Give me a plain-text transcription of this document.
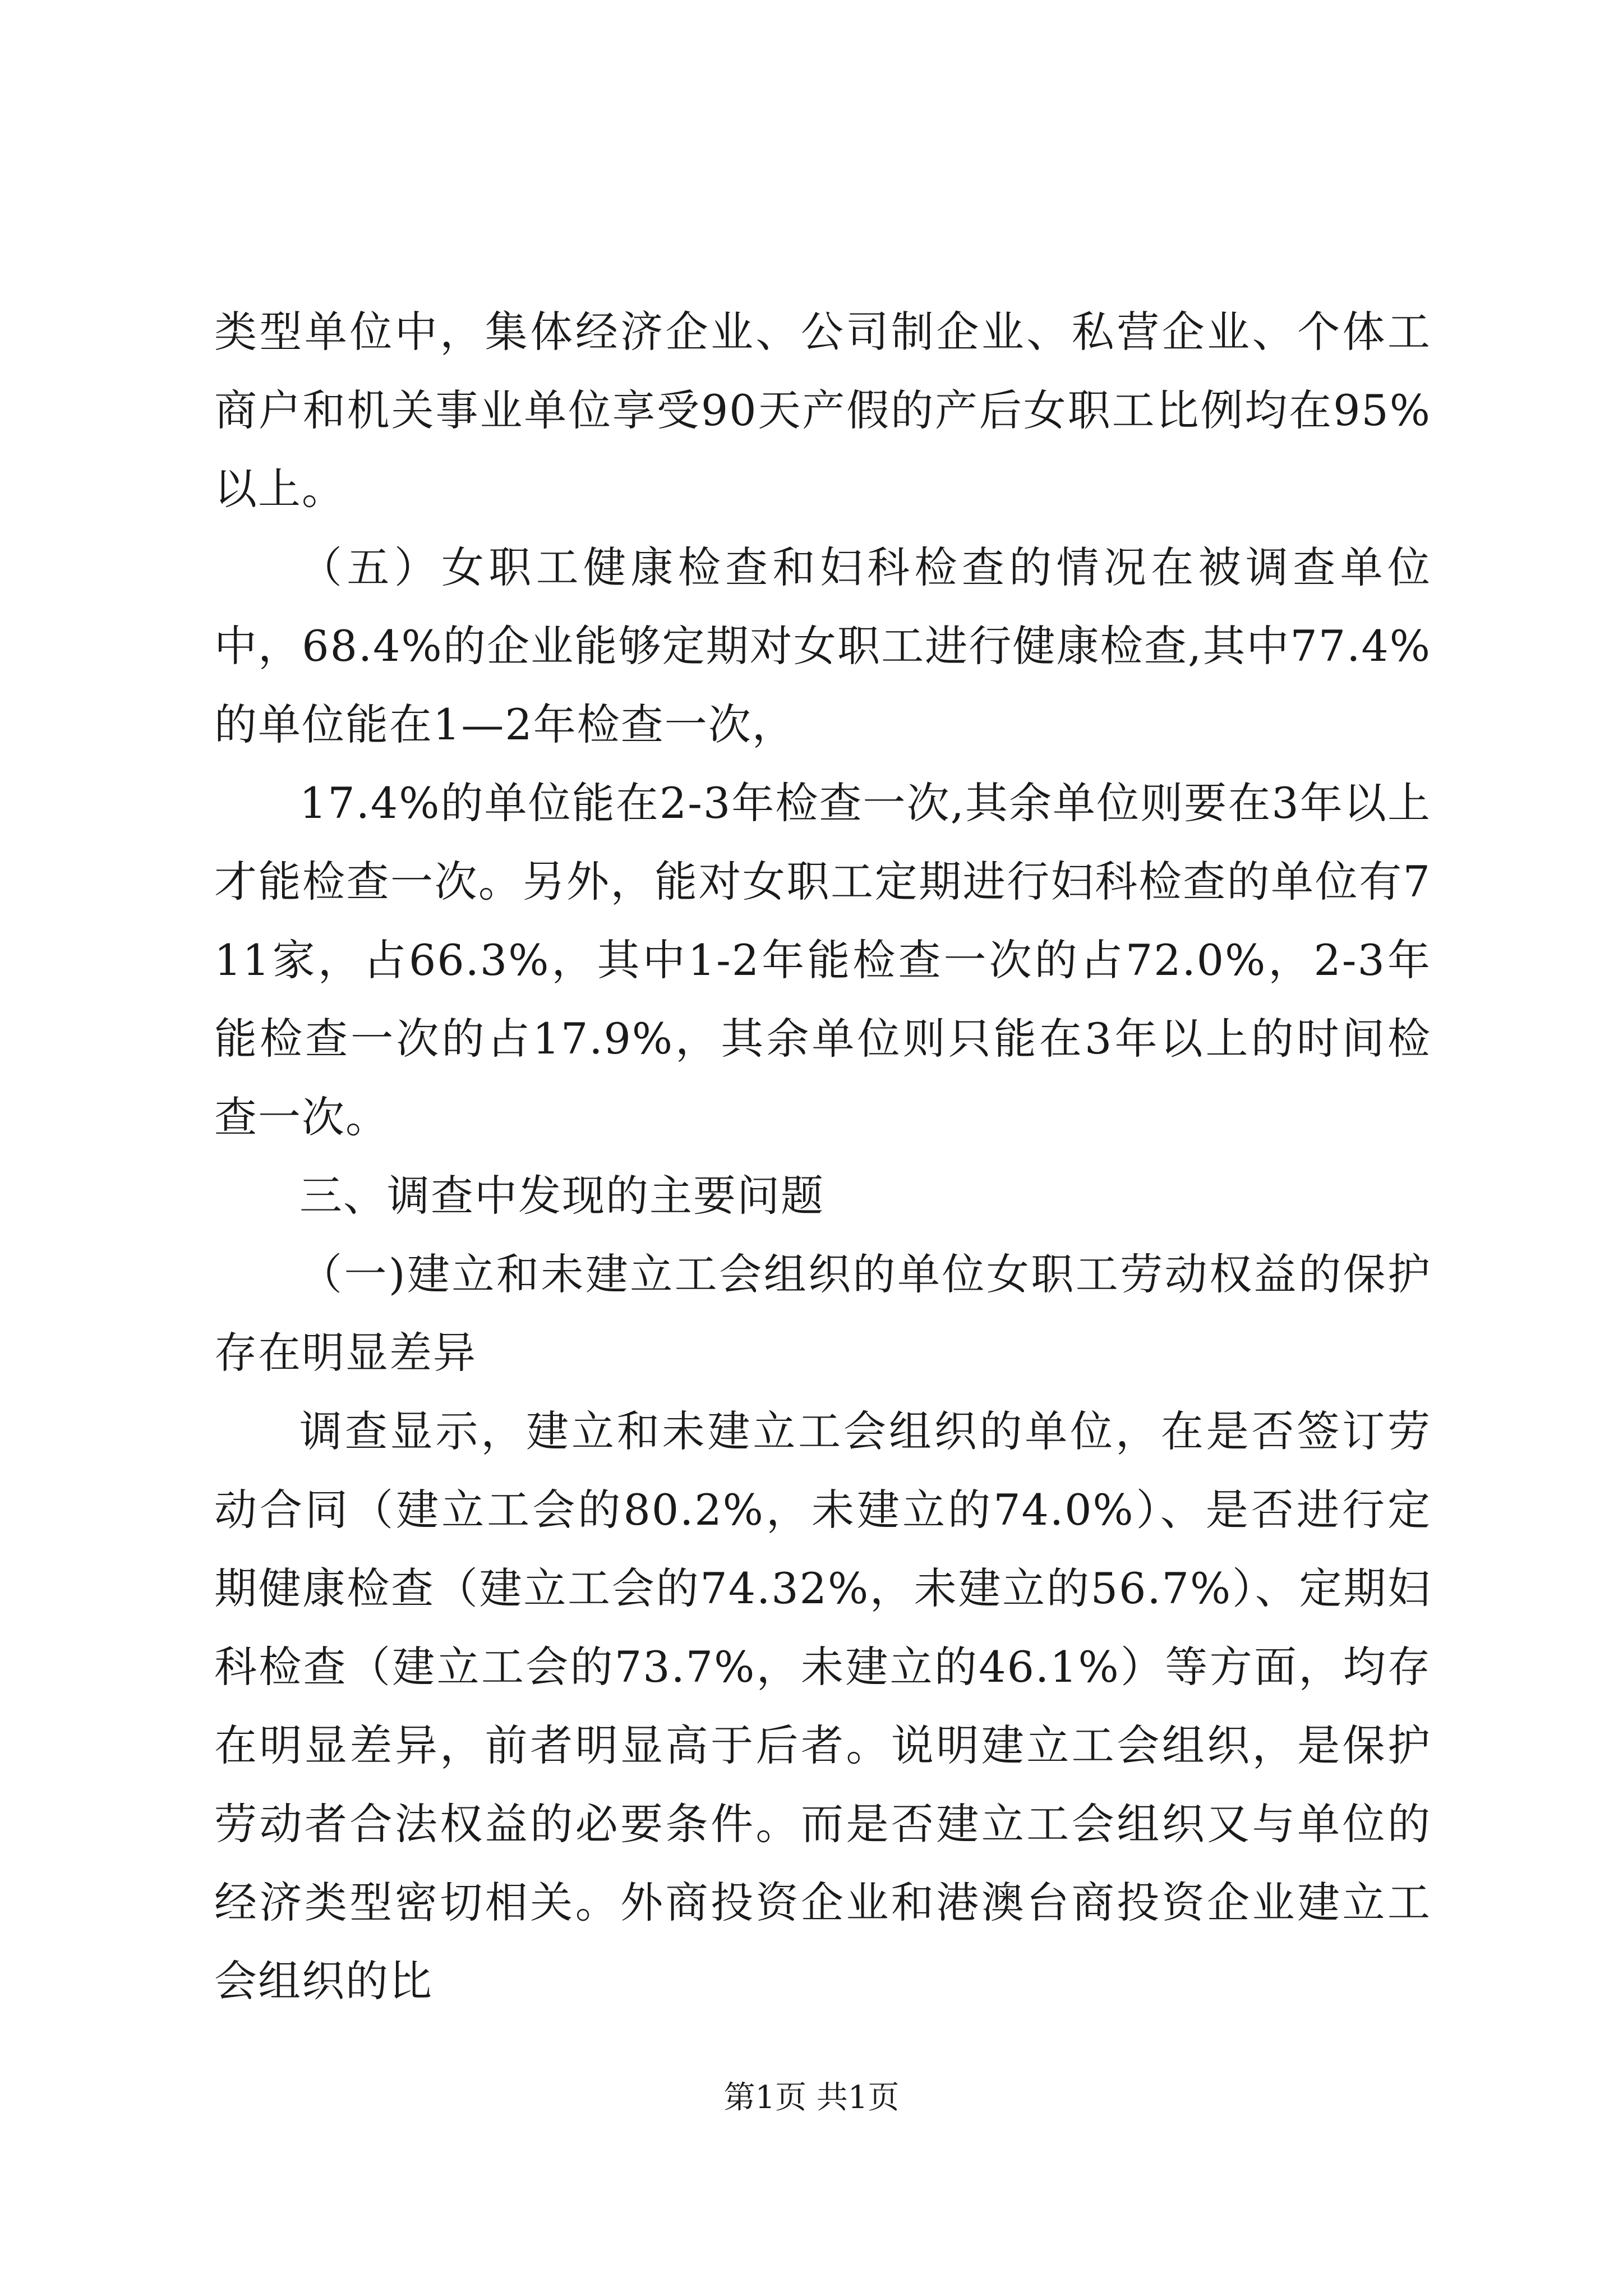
类型单位中，集体经济企业、公司制企业、私营企业、个体工商户和机关事业单位享受90天产假的产后女职工比例均在95%以上。

（五）女职工健康检查和妇科检查的情况在被调查单位中，68.4%的企业能够定期对女职工进行健康检查,其中77.4%的单位能在1—2年检查一次，

17.4%的单位能在2-3年检查一次,其余单位则要在3年以上才能检查一次。另外，能对女职工定期进行妇科检查的单位有711家，占66.3%，其中1-2年能检查一次的占72.0%，2-3年能检查一次的占17.9%，其余单位则只能在3年以上的时间检查一次。

三、调查中发现的主要问题

（一)建立和未建立工会组织的单位女职工劳动权益的保护存在明显差异

调查显示，建立和未建立工会组织的单位，在是否签订劳动合同（建立工会的80.2%，未建立的74.0%）、是否进行定期健康检查（建立工会的74.32%，未建立的56.7%）、定期妇科检查（建立工会的73.7%，未建立的46.1%）等方面，均存在明显差异，前者明显高于后者。说明建立工会组织，是保护劳动者合法权益的必要条件。而是否建立工会组织又与单位的经济类型密切相关。外商投资企业和港澳台商投资企业建立工会组织的比

第1页 共1页
